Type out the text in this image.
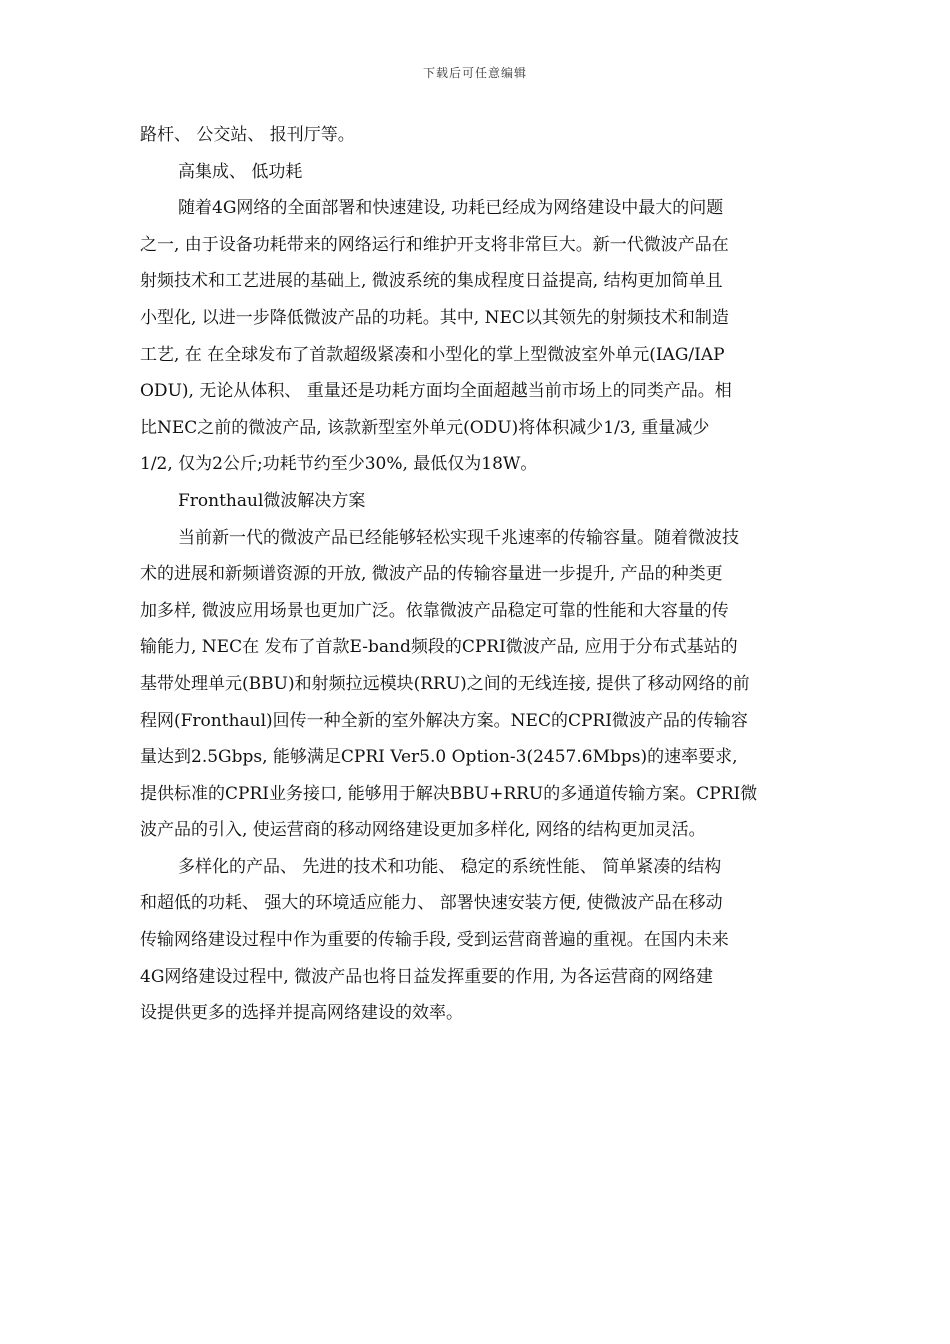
下载后可任意编辑

路杆、 公交站、 报刊厅等。

高集成、 低功耗

随着4G网络的全面部署和快速建设, 功耗已经成为网络建设中最大的问题

之一, 由于设备功耗带来的网络运行和维护开支将非常巨大。新一代微波产品在

射频技术和工艺进展的基础上, 微波系统的集成程度日益提高, 结构更加简单且

小型化, 以进一步降低微波产品的功耗。其中, NEC以其领先的射频技术和制造

工艺, 在 在全球发布了首款超级紧凑和小型化的掌上型微波室外单元(IAG/IAP

ODU), 无论从体积、 重量还是功耗方面均全面超越当前市场上的同类产品。相

比NEC之前的微波产品, 该款新型室外单元(ODU)将体积减少1/3, 重量减少

1/2, 仅为2公斤;功耗节约至少30%, 最低仅为18W。

Fronthaul微波解决方案

当前新一代的微波产品已经能够轻松实现千兆速率的传输容量。随着微波技

术的进展和新频谱资源的开放, 微波产品的传输容量进一步提升, 产品的种类更

加多样, 微波应用场景也更加广泛。依靠微波产品稳定可靠的性能和大容量的传

输能力, NEC在 发布了首款E-band频段的CPRI微波产品, 应用于分布式基站的

基带处理单元(BBU)和射频拉远模块(RRU)之间的无线连接, 提供了移动网络的前

程网(Fronthaul)回传一种全新的室外解决方案。NEC的CPRI微波产品的传输容

量达到2.5Gbps, 能够满足CPRI Ver5.0 Option-3(2457.6Mbps)的速率要求,

提供标准的CPRI业务接口, 能够用于解决BBU+RRU的多通道传输方案。CPRI微

波产品的引入, 使运营商的移动网络建设更加多样化, 网络的结构更加灵活。

多样化的产品、 先进的技术和功能、 稳定的系统性能、 简单紧凑的结构

和超低的功耗、 强大的环境适应能力、 部署快速安装方便, 使微波产品在移动

传输网络建设过程中作为重要的传输手段, 受到运营商普遍的重视。在国内未来

4G网络建设过程中, 微波产品也将日益发挥重要的作用, 为各运营商的网络建

设提供更多的选择并提高网络建设的效率。
